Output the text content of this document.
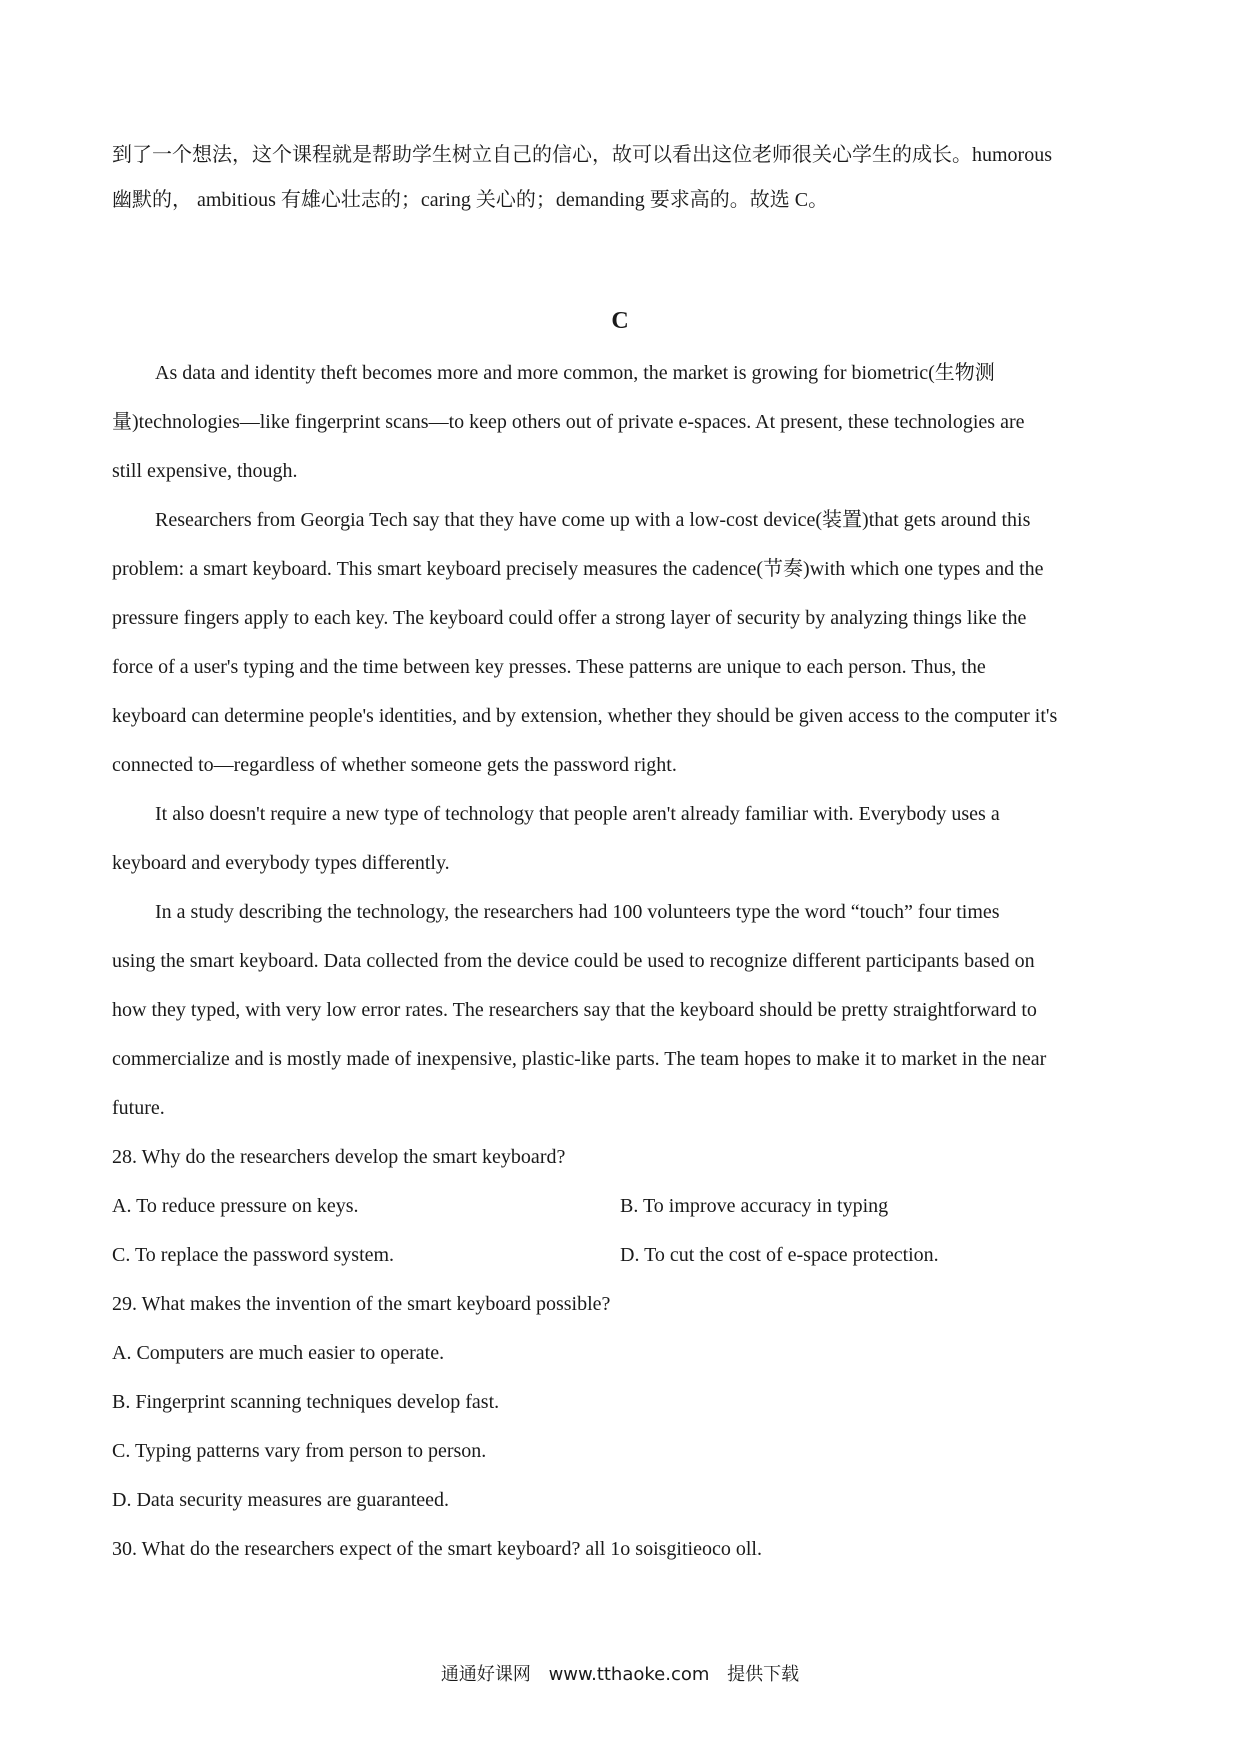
到了一个想法，这个课程就是帮助学生树立自己的信心，故可以看出这位老师很关心学生的成长。humorous
幽默的， ambitious 有雄心壮志的；caring 关心的；demanding 要求高的。故选 C。
C
As data and identity theft becomes more and more common, the market is growing for biometric(生物测
量)technologies—like fingerprint scans—to keep others out of private e-spaces. At present, these technologies are
still expensive, though.
Researchers from Georgia Tech say that they have come up with a low-cost device(装置)that gets around this
problem: a smart keyboard. This smart keyboard precisely measures the cadence(节奏)with which one types and the
pressure fingers apply to each key. The keyboard could offer a strong layer of security by analyzing things like the
force of a user's typing and the time between key presses. These patterns are unique to each person. Thus, the
keyboard can determine people's identities, and by extension, whether they should be given access to the computer it's
connected to—regardless of whether someone gets the password right.
It also doesn't require a new type of technology that people aren't already familiar with. Everybody uses a
keyboard and everybody types differently.
In a study describing the technology, the researchers had 100 volunteers type the word “touch” four times
using the smart keyboard. Data collected from the device could be used to recognize different participants based on
how they typed, with very low error rates. The researchers say that the keyboard should be pretty straightforward to
commercialize and is mostly made of inexpensive, plastic-like parts. The team hopes to make it to market in the near
future.
28. Why do the researchers develop the smart keyboard?
A. To reduce pressure on keys.	B. To improve accuracy in typing
C. To replace the password system.	D. To cut the cost of e-space protection.
29. What makes the invention of the smart keyboard possible?
A. Computers are much easier to operate.
B. Fingerprint scanning techniques develop fast.
C. Typing patterns vary from person to person.
D. Data security measures are guaranteed.
30. What do the researchers expect of the smart keyboard? all 1o soisgitieoco oll.
通通好课网 www.tthaoke.com 提供下载
